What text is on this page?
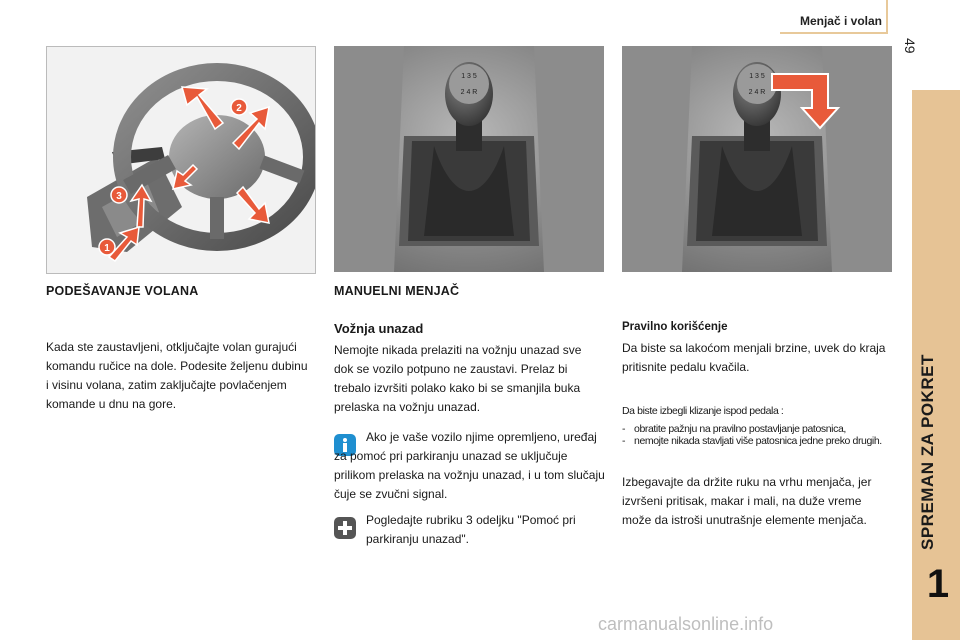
Menjač i volan
49
SPREMAN ZA POKRET
1
2
3
1
1 3 5
2 4 R
1 3 5
2 4 R
PODEŠAVANJE VOLANA
Kada ste zaustavljeni, otključajte volan gurajući komandu ručice na dole. Podesite željenu dubinu i visinu volana, zatim zaključajte povlačenjem komande u dnu na gore.
MANUELNI MENJAČ
Vožnja unazad
Nemojte nikada prelaziti na vožnju unazad sve dok se vozilo potpuno ne zaustavi. Prelaz bi trebalo izvršiti polako kako bi se smanjila buka prelaska na vožnju unazad.
Ako je vaše vozilo njime opremljeno, uređaj za pomoć pri parkiranju unazad se uključuje prilikom prelaska na vožnju unazad, i u tom slučaju čuje se zvučni signal.
Pogledajte rubriku 3 odeljku "Pomoć pri parkiranju unazad".
Pravilno korišćenje
Da biste sa lakoćom menjali brzine, uvek do kraja pritisnite pedalu kvačila.
Da biste izbegli klizanje ispod pedala :
- obratite pažnju na pravilno postavljanje patosnica,
- nemojte nikada stavljati više patosnica jedne preko drugih.
Izbegavajte da držite ruku na vrhu menjača, jer izvršeni pritisak, makar i mali, na duže vreme može da istroši unutrašnje elemente menjača.
carmanualsonline.info
